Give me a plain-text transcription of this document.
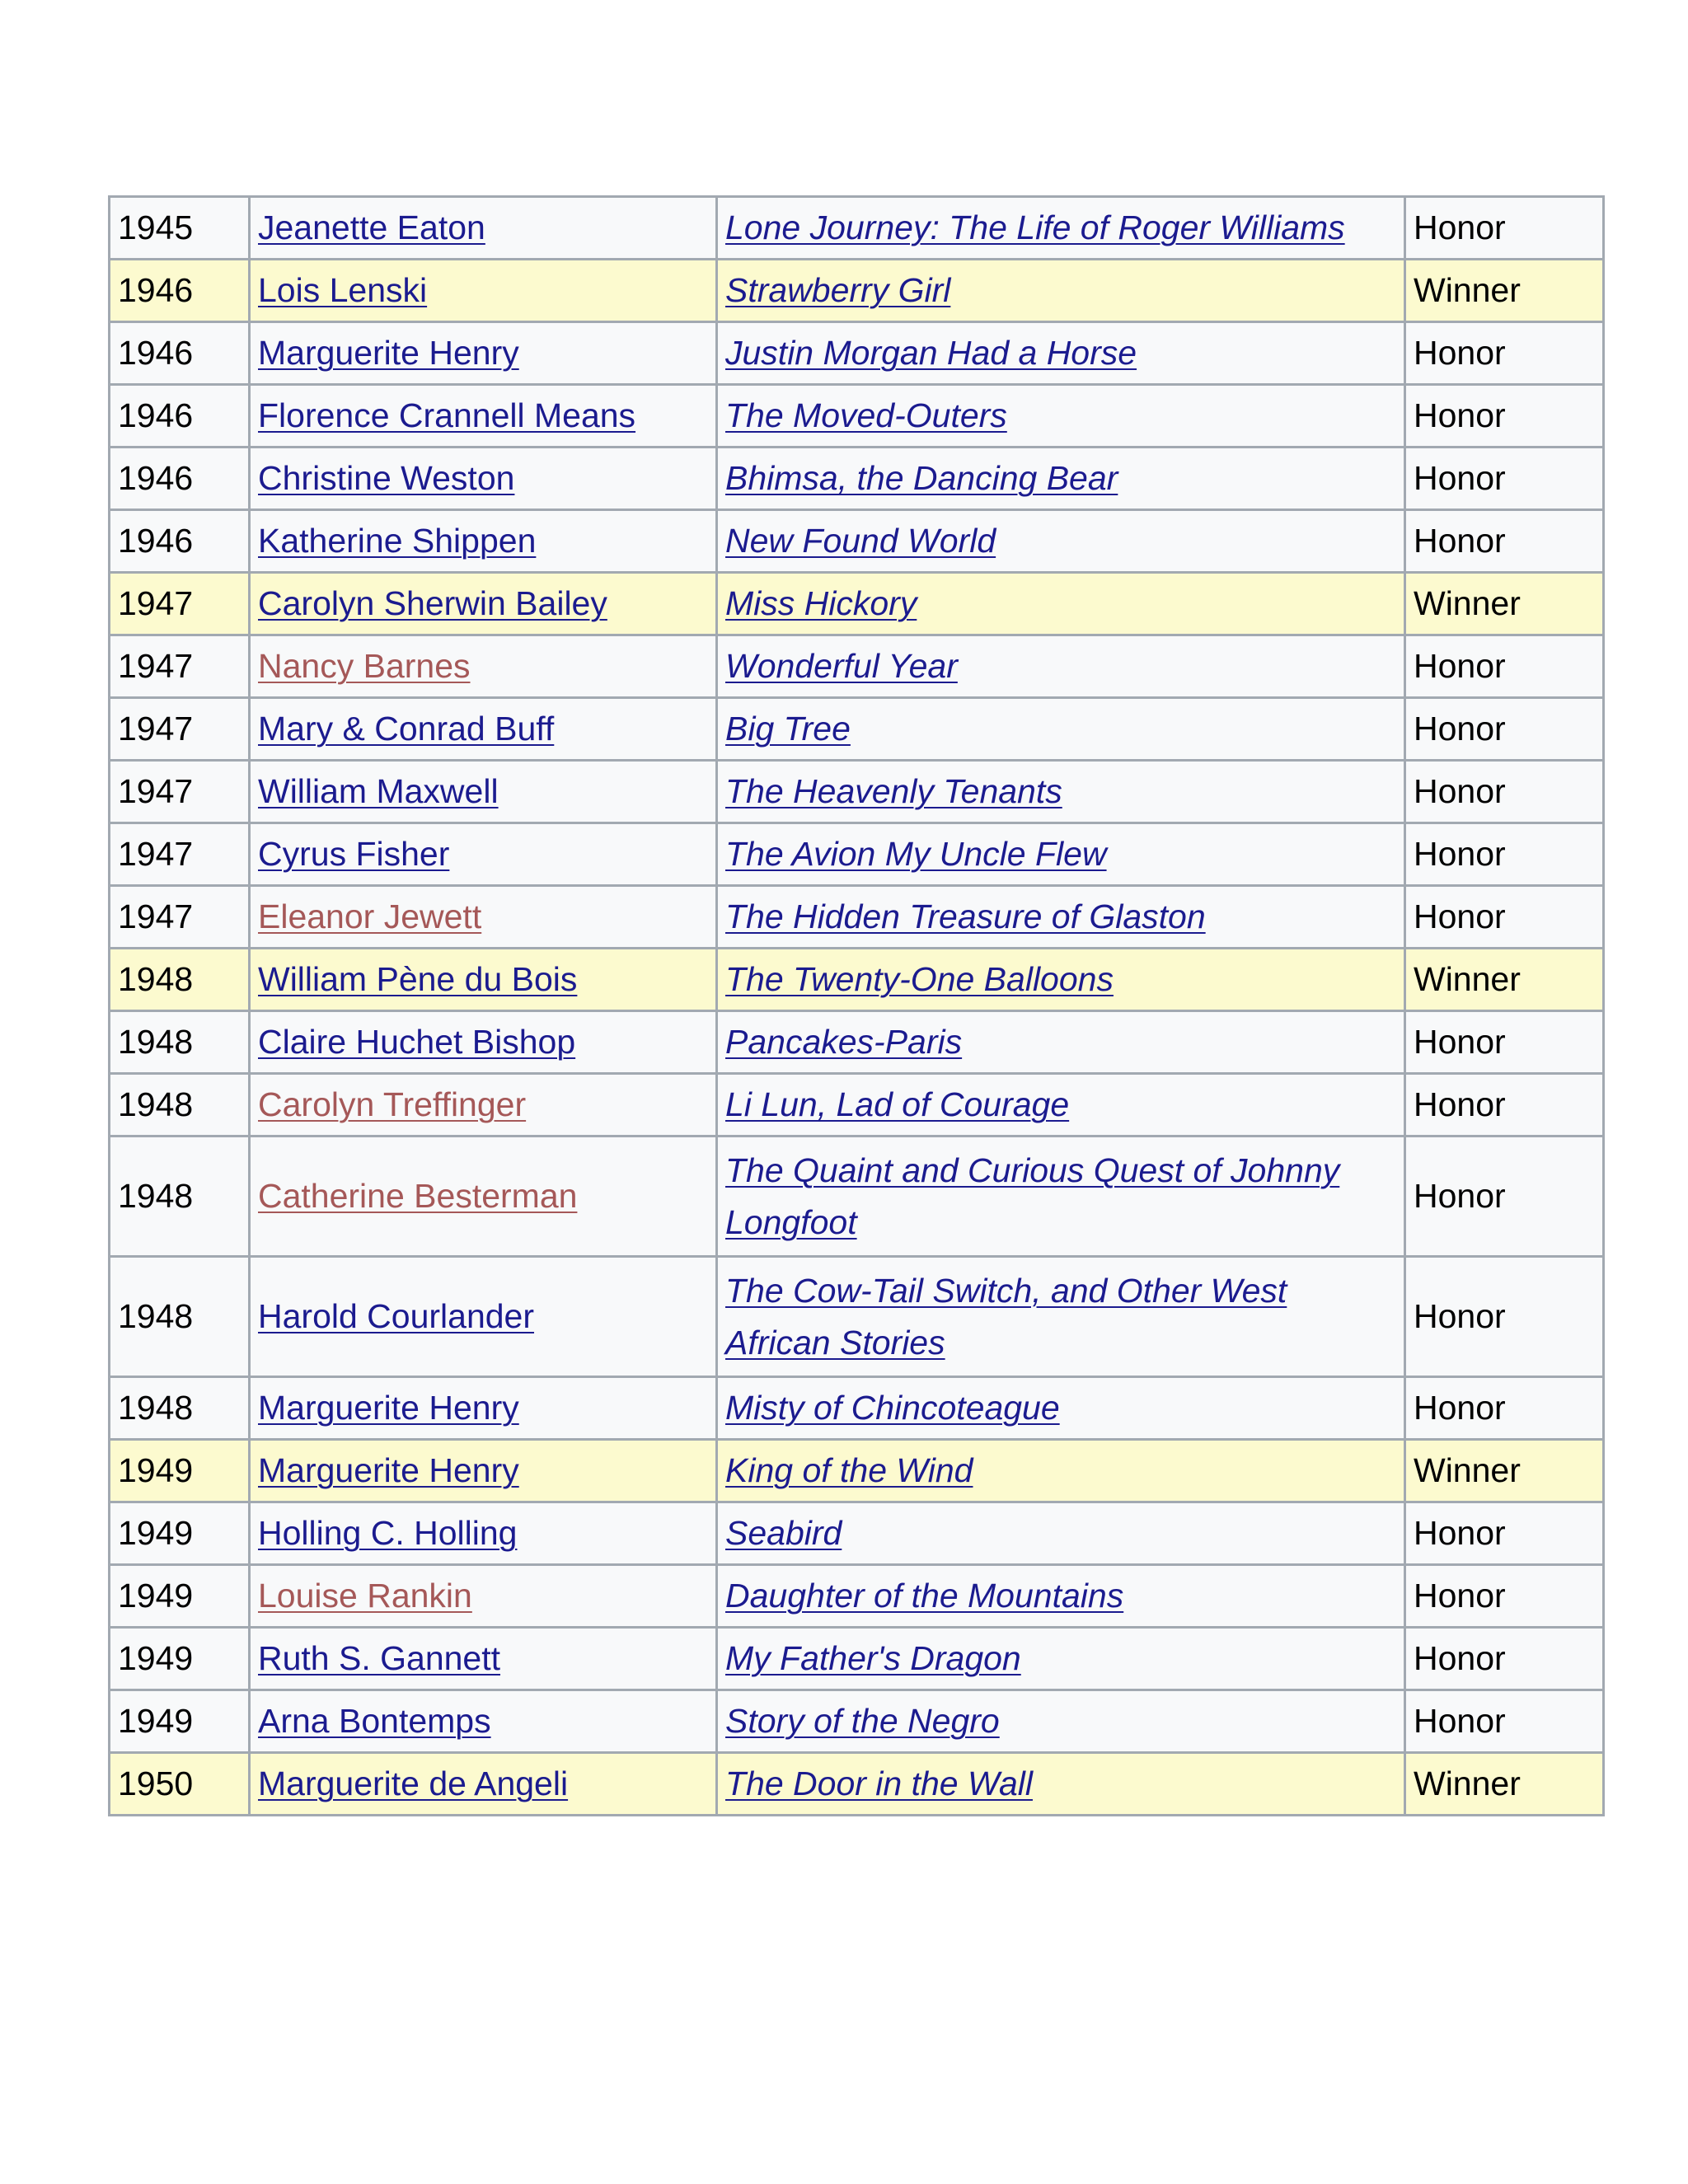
1945	Jeanette Eaton	Lone Journey: The Life of Roger Williams	Honor
1946	Lois Lenski	Strawberry Girl	Winner
1946	Marguerite Henry	Justin Morgan Had a Horse	Honor
1946	Florence Crannell Means	The Moved-Outers	Honor
1946	Christine Weston	Bhimsa, the Dancing Bear	Honor
1946	Katherine Shippen	New Found World	Honor
1947	Carolyn Sherwin Bailey	Miss Hickory	Winner
1947	Nancy Barnes	Wonderful Year	Honor
1947	Mary & Conrad Buff	Big Tree	Honor
1947	William Maxwell	The Heavenly Tenants	Honor
1947	Cyrus Fisher	The Avion My Uncle Flew	Honor
1947	Eleanor Jewett	The Hidden Treasure of Glaston	Honor
1948	William Pène du Bois	The Twenty-One Balloons	Winner
1948	Claire Huchet Bishop	Pancakes-Paris	Honor
1948	Carolyn Treffinger	Li Lun, Lad of Courage	Honor
1948	Catherine Besterman	The Quaint and Curious Quest of Johnny Longfoot	Honor
1948	Harold Courlander	The Cow-Tail Switch, and Other West African Stories	Honor
1948	Marguerite Henry	Misty of Chincoteague	Honor
1949	Marguerite Henry	King of the Wind	Winner
1949	Holling C. Holling	Seabird	Honor
1949	Louise Rankin	Daughter of the Mountains	Honor
1949	Ruth S. Gannett	My Father's Dragon	Honor
1949	Arna Bontemps	Story of the Negro	Honor
1950	Marguerite de Angeli	The Door in the Wall	Winner
